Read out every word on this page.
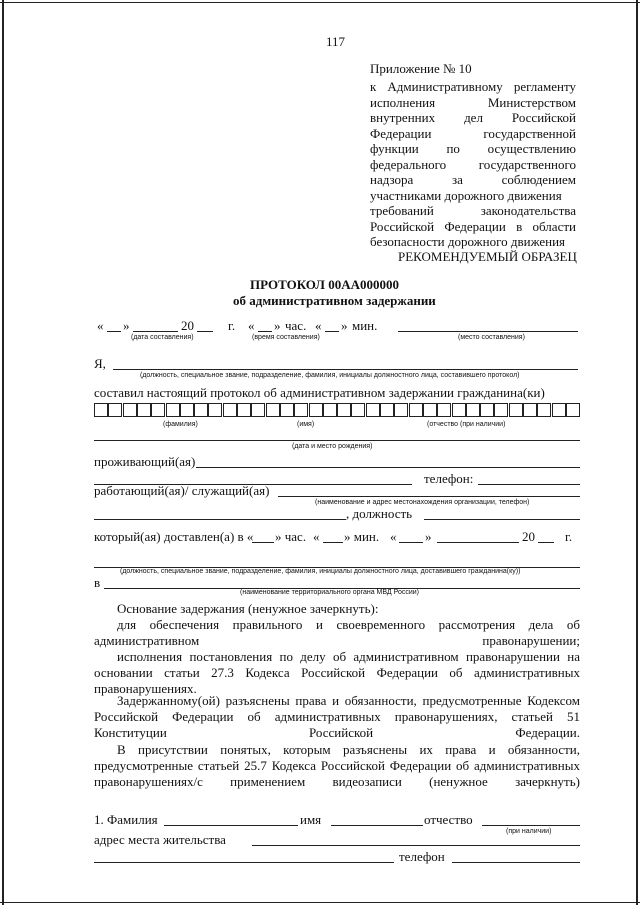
117
Приложение № 10
к Административному регламенту
исполнения	Министерством
внутренних дел Российской
Федерации	государственной
функции по осуществлению
федерального	государственного
надзора	за	соблюдением
участниками дорожного движения
требований	законодательства
Российской Федерации в области
безопасности дорожного движения
РЕКОМЕНДУЕМЫЙ ОБРАЗЕЦ
ПРОТОКОЛ 00АА000000
об административном задержании
« »	20	г. « » час. « » мин.
(дата составления)	(время составления)	(место составления)
Я,
(должность, специальное звание, подразделение, фамилия, инициалы должностного лица, составившего протокол)
составил настоящий протокол об административном задержании гражданина(ки)
(фамилия)	(имя)	(отчество (при наличии)
(дата и место рождения)
проживающий(ая)
телефон:
работающий(ая)/ служащий(ая)
(наименование и адрес местонахождения организации, телефон)
, должность
который(ая) доставлен(а) в « » час. « » мин. « »	20 г.
(должность, специальное звание, подразделение, фамилия, инициалы должностного лица, доставившего гражданина(ку))
в
(наименование территориального органа МВД России)
Основание задержания (ненужное зачеркнуть):
для обеспечения правильного и своевременного рассмотрения дела об административном правонарушении;
исполнения постановления по делу об административном правонарушении на основании статьи 27.3 Кодекса Российской Федерации об административных правонарушениях.
Задержанному(ой) разъяснены права и обязанности, предусмотренные Кодексом Российской Федерации об административных правонарушениях, статьей 51 Конституции Российской Федерации.
В присутствии понятых, которым разъяснены их права и обязанности, предусмотренные статьей 25.7 Кодекса Российской Федерации об административных правонарушениях/с применением видеозаписи (ненужное зачеркнуть)
1. Фамилия	имя	отчество
(при наличии)
адрес места жительства
телефон
